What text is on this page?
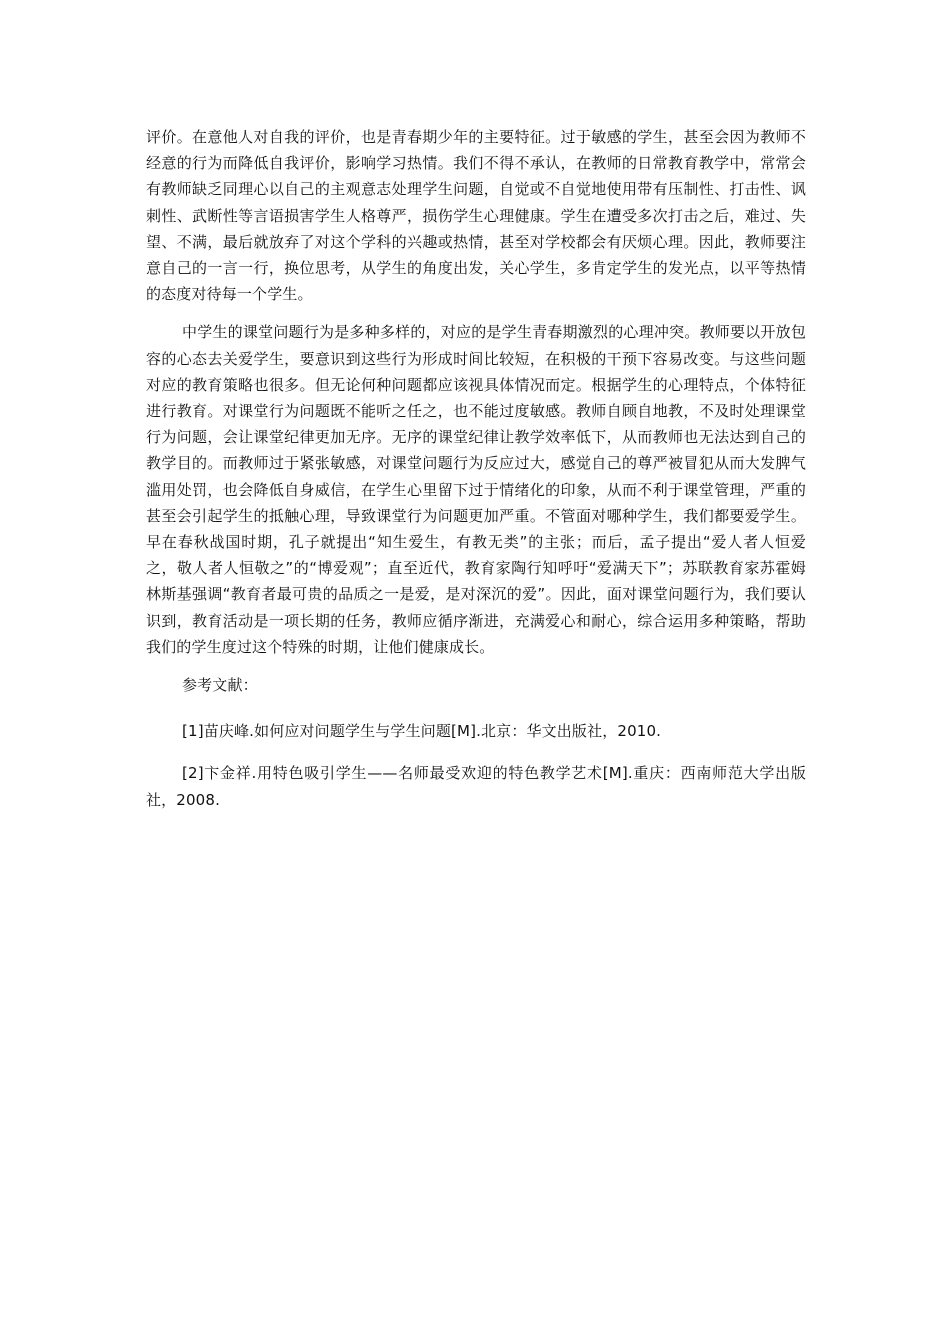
评价。在意他人对自我的评价，也是青春期少年的主要特征。过于敏感的学生，甚至会因为教师不经意的行为而降低自我评价，影响学习热情。我们不得不承认，在教师的日常教育教学中，常常会有教师缺乏同理心以自己的主观意志处理学生问题，自觉或不自觉地使用带有压制性、打击性、讽刺性、武断性等言语损害学生人格尊严，损伤学生心理健康。学生在遭受多次打击之后，难过、失望、不满，最后就放弃了对这个学科的兴趣或热情，甚至对学校都会有厌烦心理。因此，教师要注意自己的一言一行，换位思考，从学生的角度出发，关心学生，多肯定学生的发光点，以平等热情的态度对待每一个学生。

中学生的课堂问题行为是多种多样的，对应的是学生青春期激烈的心理冲突。教师要以开放包容的心态去关爱学生，要意识到这些行为形成时间比较短，在积极的干预下容易改变。与这些问题对应的教育策略也很多。但无论何种问题都应该视具体情况而定。根据学生的心理特点，个体特征进行教育。对课堂行为问题既不能听之任之，也不能过度敏感。教师自顾自地教，不及时处理课堂行为问题，会让课堂纪律更加无序。无序的课堂纪律让教学效率低下，从而教师也无法达到自己的教学目的。而教师过于紧张敏感，对课堂问题行为反应过大，感觉自己的尊严被冒犯从而大发脾气滥用处罚，也会降低自身威信，在学生心里留下过于情绪化的印象，从而不利于课堂管理，严重的甚至会引起学生的抵触心理，导致课堂行为问题更加严重。不管面对哪种学生，我们都要爱学生。早在春秋战国时期，孔子就提出“知生爱生，有教无类”的主张；而后，孟子提出“爱人者人恒爱之，敬人者人恒敬之”的“博爱观”；直至近代，教育家陶行知呼吁“爱满天下”；苏联教育家苏霍姆林斯基强调“教育者最可贵的品质之一是爱，是对深沉的爱”。因此，面对课堂问题行为，我们要认识到，教育活动是一项长期的任务，教师应循序渐进，充满爱心和耐心，综合运用多种策略，帮助我们的学生度过这个特殊的时期，让他们健康成长。

参考文献：

[1]苗庆峰.如何应对问题学生与学生问题[M].北京：华文出版社，2010.

[2]卞金祥.用特色吸引学生——名师最受欢迎的特色教学艺术[M].重庆：西南师范大学出版社，2008.
